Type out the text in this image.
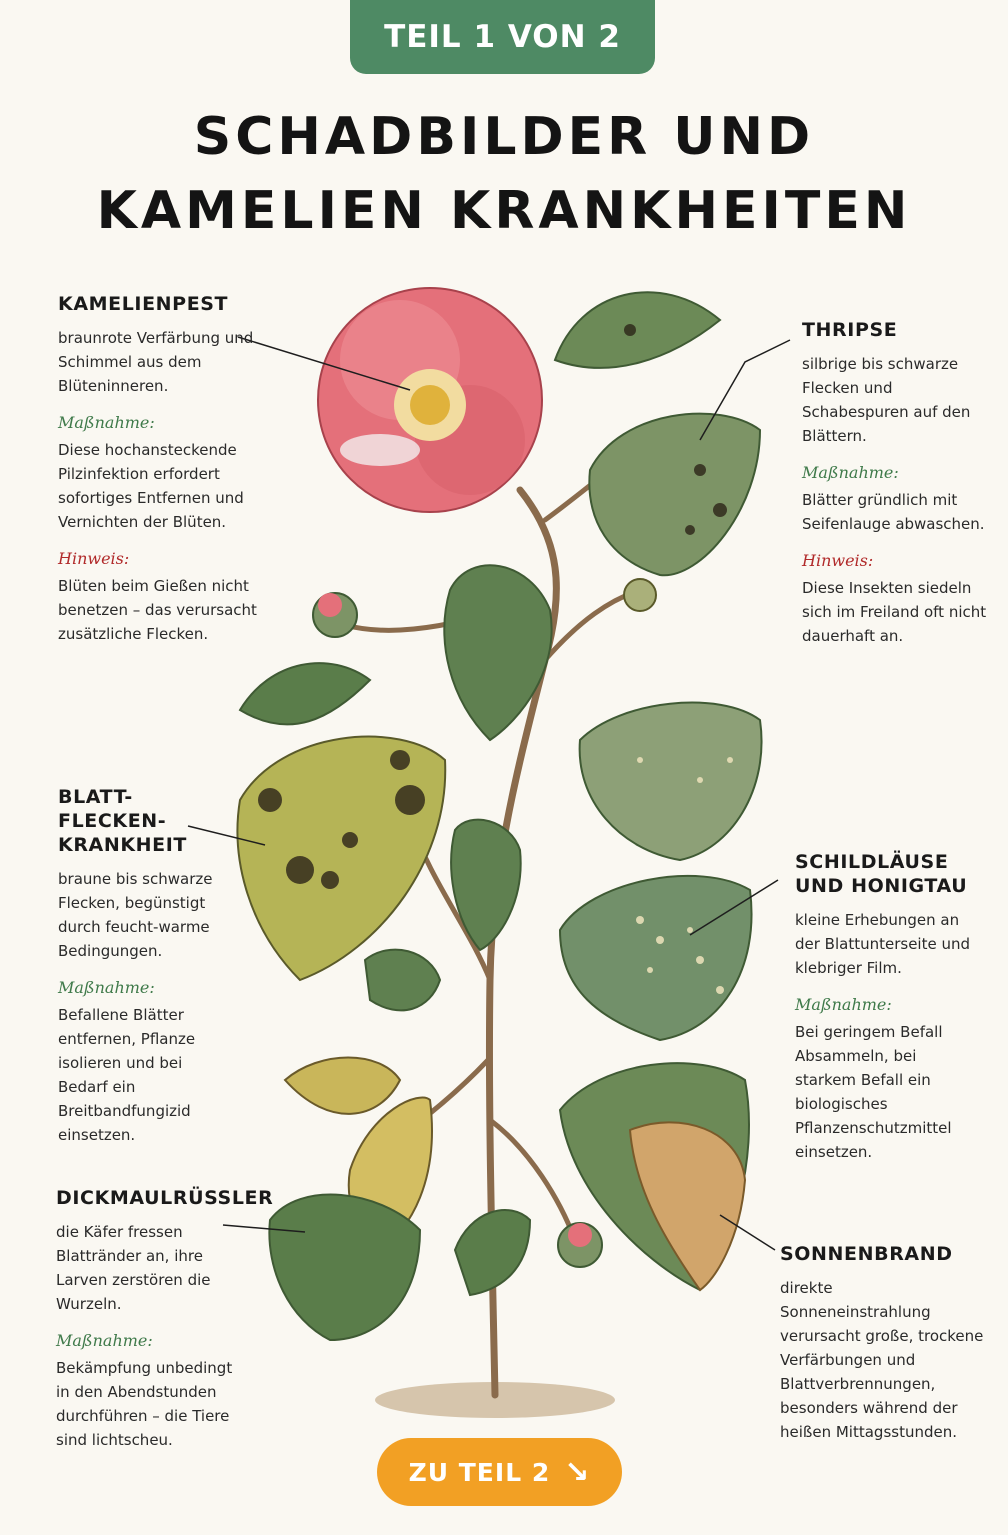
TEIL 1 VON 2
SCHADBILDER UND
KAMELIEN KRANKHEITEN
KAMELIENPEST

braunrote Verfärbung und Schimmel aus dem Blüteninneren.

Maßnahme:

Diese hochansteckende Pilzinfektion erfordert sofortiges Entfernen und Vernichten der Blüten.

Hinweis:

Blüten beim Gießen nicht benetzen – das verursacht zusätzliche Flecken.

THRIPSE

silbrige bis schwarze Flecken und Schabespuren auf den Blättern.

Maßnahme:

Blätter gründlich mit Seifenlauge abwaschen.

Hinweis:

Diese Insekten siedeln sich im Freiland oft nicht dauerhaft an.

BLATT-
FLECKEN-
KRANKHEIT

braune bis schwarze Flecken, begünstigt durch feucht-warme Bedingungen.

Maßnahme:

Befallene Blätter entfernen, Pflanze isolieren und bei Bedarf ein Breitbandfungizid einsetzen.

SCHILDLÄUSE
UND HONIGTAU

kleine Erhebungen an der Blattunterseite und klebriger Film.

Maßnahme:

Bei geringem Befall Absammeln, bei starkem Befall ein biologisches Pflanzenschutzmittel einsetzen.

DICKMAULRÜSSLER

die Käfer fressen Blattränder an, ihre Larven zerstören die Wurzeln.

Maßnahme:

Bekämpfung unbedingt in den Abendstunden durchführen – die Tiere sind lichtscheu.

SONNENBRAND

direkte Sonneneinstrahlung verursacht große, trockene Verfärbungen und Blattverbrennungen, besonders während der heißen Mittagsstunden.

ZU TEIL 2 ↘
